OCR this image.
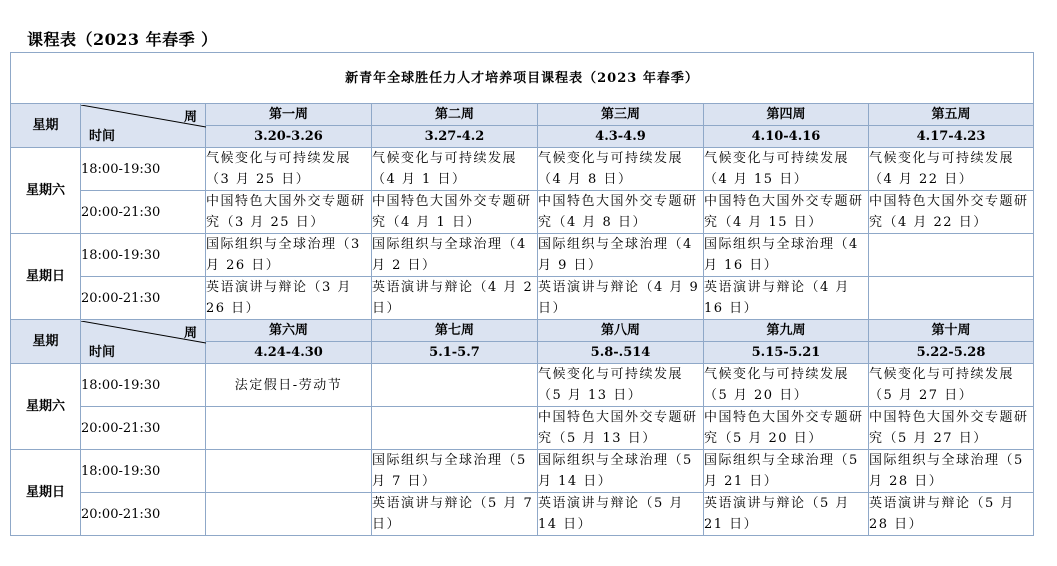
课程表（2023 年春季 ）
新青年全球胜任力人才培养项目课程表（2023 年春季）						
星期	周
时间	第一周	第二周	第三周	第四周	第五周
		3.20-3.26	3.27-4.2	4.3-4.9	4.10-4.16	4.17-4.23
星期六	18:00-19:30	气候变化与可持续发展（3 月 25 日）	气候变化与可持续发展（4 月 1 日）	气候变化与可持续发展（4 月 8 日）	气候变化与可持续发展（4 月 15 日）	气候变化与可持续发展（4 月 22 日）
	20:00-21:30	中国特色大国外交专题研究（3 月 25 日）	中国特色大国外交专题研究（4 月 1 日）	中国特色大国外交专题研究（4 月 8 日）	中国特色大国外交专题研究（4 月 15 日）	中国特色大国外交专题研究（4 月 22 日）
星期日	18:00-19:30	国际组织与全球治理（3 月 26 日）	国际组织与全球治理（4 月 2 日）	国际组织与全球治理（4 月 9 日）	国际组织与全球治理（4 月 16 日）	
	20:00-21:30	英语演讲与辩论（3 月 26 日）	英语演讲与辩论（4 月 2 日）	英语演讲与辩论（4 月 9 日）	英语演讲与辩论（4 月 16 日）	
星期	周
时间	第六周	第七周	第八周	第九周	第十周
		4.24-4.30	5.1-5.7	5.8-.514	5.15-5.21	5.22-5.28
星期六	18:00-19:30	法定假日-劳动节		气候变化与可持续发展（5 月 13 日）	气候变化与可持续发展（5 月 20 日）	气候变化与可持续发展（5 月 27 日）
	20:00-21:30			中国特色大国外交专题研究（5 月 13 日）	中国特色大国外交专题研究（5 月 20 日）	中国特色大国外交专题研究（5 月 27 日）
星期日	18:00-19:30		国际组织与全球治理（5 月 7 日）	国际组织与全球治理（5 月 14 日）	国际组织与全球治理（5 月 21 日）	国际组织与全球治理（5 月 28 日）
	20:00-21:30		英语演讲与辩论（5 月 7 日）	英语演讲与辩论（5 月 14 日）	英语演讲与辩论（5 月 21 日）	英语演讲与辩论（5 月 28 日）
